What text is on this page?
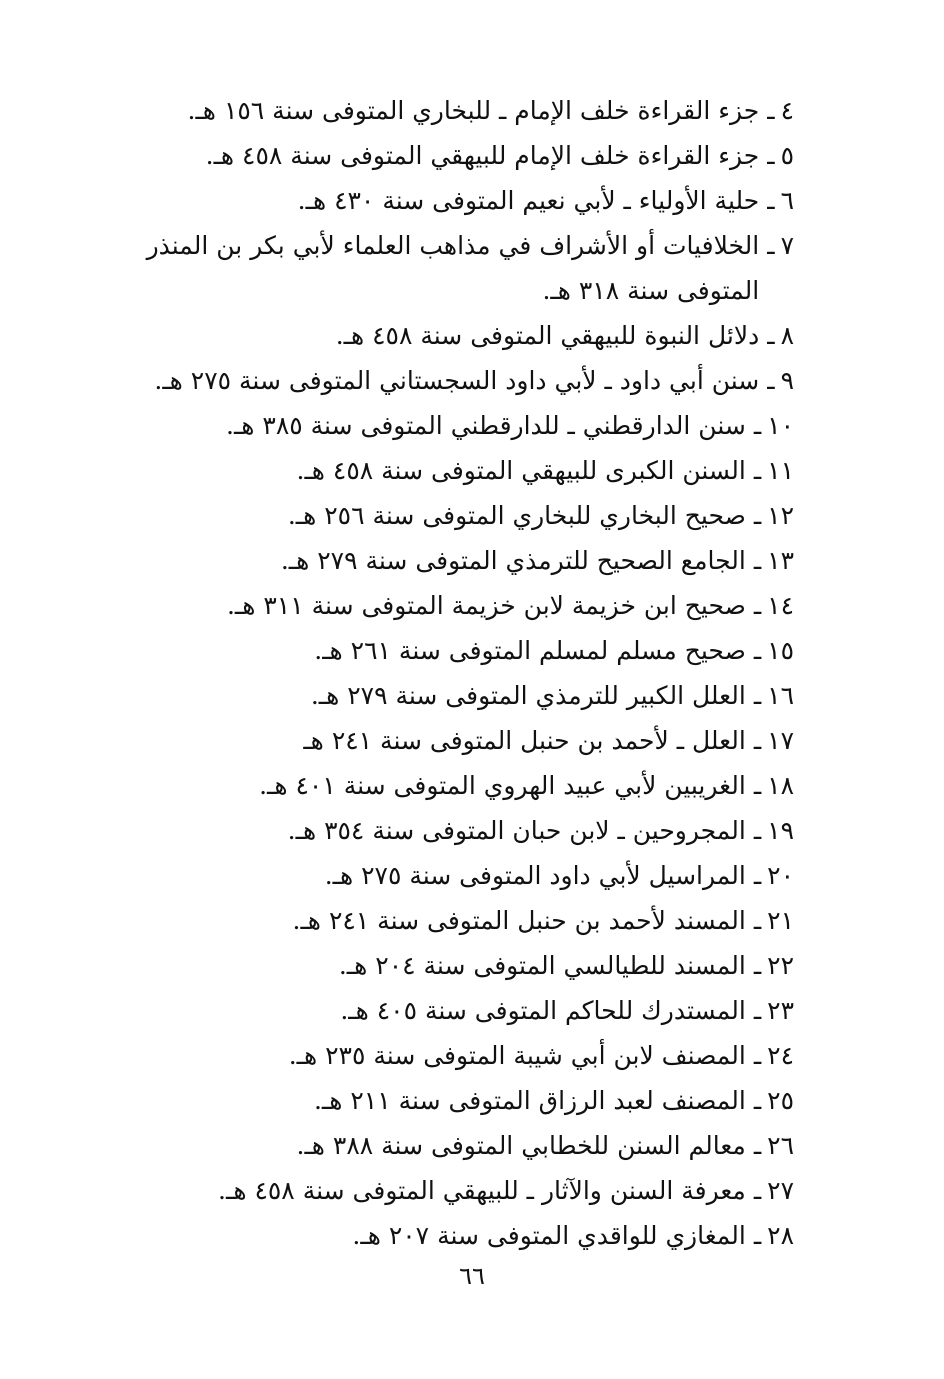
٤
ـ
جزء القراءة خلف الإمام ـ للبخاري المتوفى سنة ١٥٦ هـ.
٥
ـ
جزء القراءة خلف الإمام للبيهقي المتوفى سنة ٤٥٨ هـ.
٦
ـ
حلية الأولياء ـ لأبي نعيم المتوفى سنة ٤٣٠ هـ.
٧
ـ
الخلافيات أو الأشراف في مذاهب العلماء لأبي بكر بن المنذر المتوفى سنة ٣١٨ هـ.
٨
ـ
دلائل النبوة للبيهقي المتوفى سنة ٤٥٨ هـ.
٩
ـ
سنن أبي داود ـ لأبي داود السجستاني المتوفى سنة ٢٧٥ هـ.
١٠
ـ
سنن الدارقطني ـ للدارقطني المتوفى سنة ٣٨٥ هـ.
١١
ـ
السنن الكبرى للبيهقي المتوفى سنة ٤٥٨ هـ.
١٢
ـ
صحيح البخاري للبخاري المتوفى سنة ٢٥٦ هـ.
١٣
ـ
الجامع الصحيح للترمذي المتوفى سنة ٢٧٩ هـ.
١٤
ـ
صحيح ابن خزيمة لابن خزيمة المتوفى سنة ٣١١ هـ.
١٥
ـ
صحيح مسلم لمسلم المتوفى سنة ٢٦١ هـ.
١٦
ـ
العلل الكبير للترمذي المتوفى سنة ٢٧٩ هـ.
١٧
ـ
العلل ـ لأحمد بن حنبل المتوفى سنة ٢٤١ هـ
١٨
ـ
الغريبين لأبي عبيد الهروي المتوفى سنة ٤٠١ هـ.
١٩
ـ
المجروحين ـ لابن حبان المتوفى سنة ٣٥٤ هـ.
٢٠
ـ
المراسيل لأبي داود المتوفى سنة ٢٧٥ هـ.
٢١
ـ
المسند لأحمد بن حنبل المتوفى سنة ٢٤١ هـ.
٢٢
ـ
المسند للطيالسي المتوفى سنة ٢٠٤ هـ.
٢٣
ـ
المستدرك للحاكم المتوفى سنة ٤٠٥ هـ.
٢٤
ـ
المصنف لابن أبي شيبة المتوفى سنة ٢٣٥ هـ.
٢٥
ـ
المصنف لعبد الرزاق المتوفى سنة ٢١١ هـ.
٢٦
ـ
معالم السنن للخطابي المتوفى سنة ٣٨٨ هـ.
٢٧
ـ
معرفة السنن والآثار ـ للبيهقي المتوفى سنة ٤٥٨ هـ.
٢٨
ـ
المغازي للواقدي المتوفى سنة ٢٠٧ هـ.
٦٦
